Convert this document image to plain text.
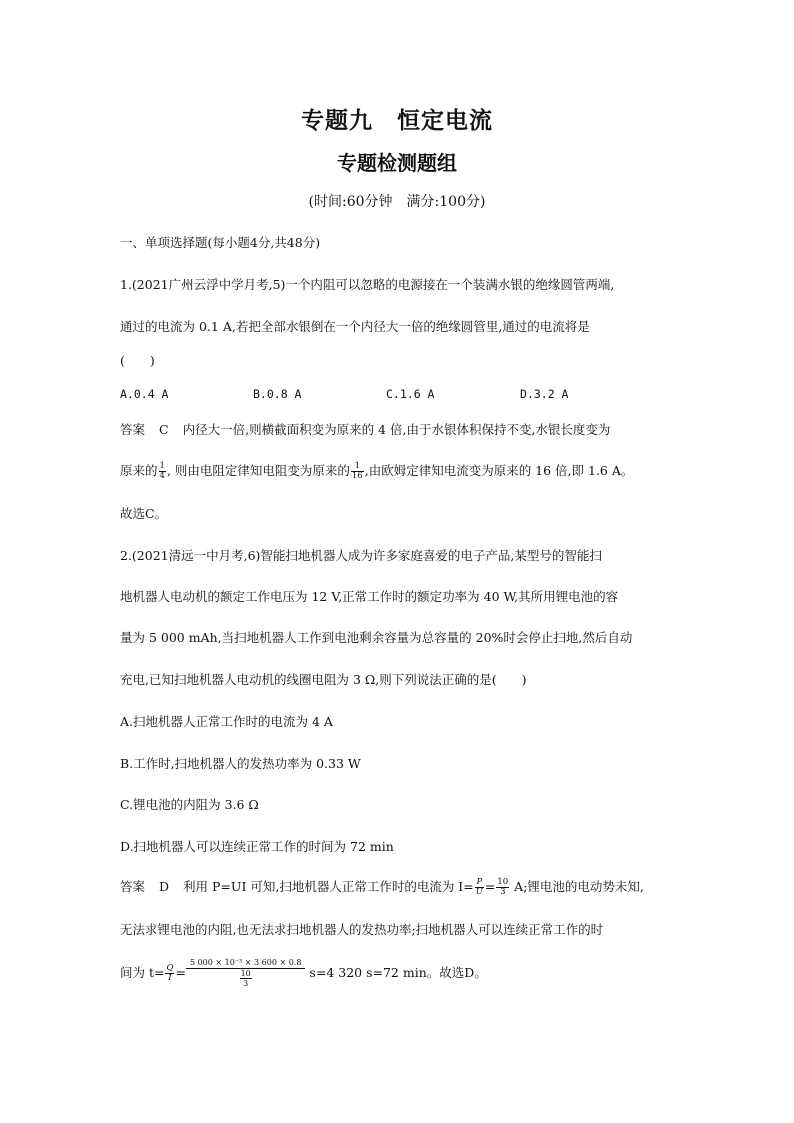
专题九　恒定电流
专题检测题组
(时间:60分钟　满分:100分)
一、单项选择题(每小题4分,共48分)
1.(2021广州云浮中学月考,5)一个内阻可以忽略的电源接在一个装满水银的绝缘圆管两端,
通过的电流为 0.1 A,若把全部水银倒在一个内径大一倍的绝缘圆管里,通过的电流将是
(　　)
A.0.4 A	B.0.8 A	C.1.6 A	D.3.2 A
答案 C 内径大一倍,则横截面积变为原来的 4 倍,由于水银体积保持不变,水银长度变为
原来的 $\frac{1}{4}$ , 则由电阻定律知电阻变为原来的 $\frac{1}{16}$ ,由欧姆定律知电流变为原来的 16 倍,即 1.6 A。
故选C。
2.(2021清远一中月考,6)智能扫地机器人成为许多家庭喜爱的电子产品,某型号的智能扫
地机器人电动机的额定工作电压为 12 V,正常工作时的额定功率为 40 W,其所用锂电池的容
量为 5 000 mAh,当扫地机器人工作到电池剩余容量为总容量的 20%时会停止扫地,然后自动
充电,已知扫地机器人电动机的线圈电阻为 3 Ω,则下列说法正确的是(　　)
A.扫地机器人正常工作时的电流为 4 A
B.工作时,扫地机器人的发热功率为 0.33 W
C.锂电池的内阻为 3.6 Ω
D.扫地机器人可以连续正常工作的时间为 72 min
答案 D 利用 P=UI 可知,扫地机器人正常工作时的电流为 $I= \frac{P}{U} = \frac{10}{3} A$;锂电池的电动势未知,
无法求锂电池的内阻,也无法求扫地机器人的发热功率;扫地机器人可以连续正常工作的时
间为 $t= \frac{Q}{I} = \frac{\text{5 000 × 10⁻³ × 3 600 × 0.8}}{\frac{10}{3}} s=4$ 320 s=72 min。故选D。
